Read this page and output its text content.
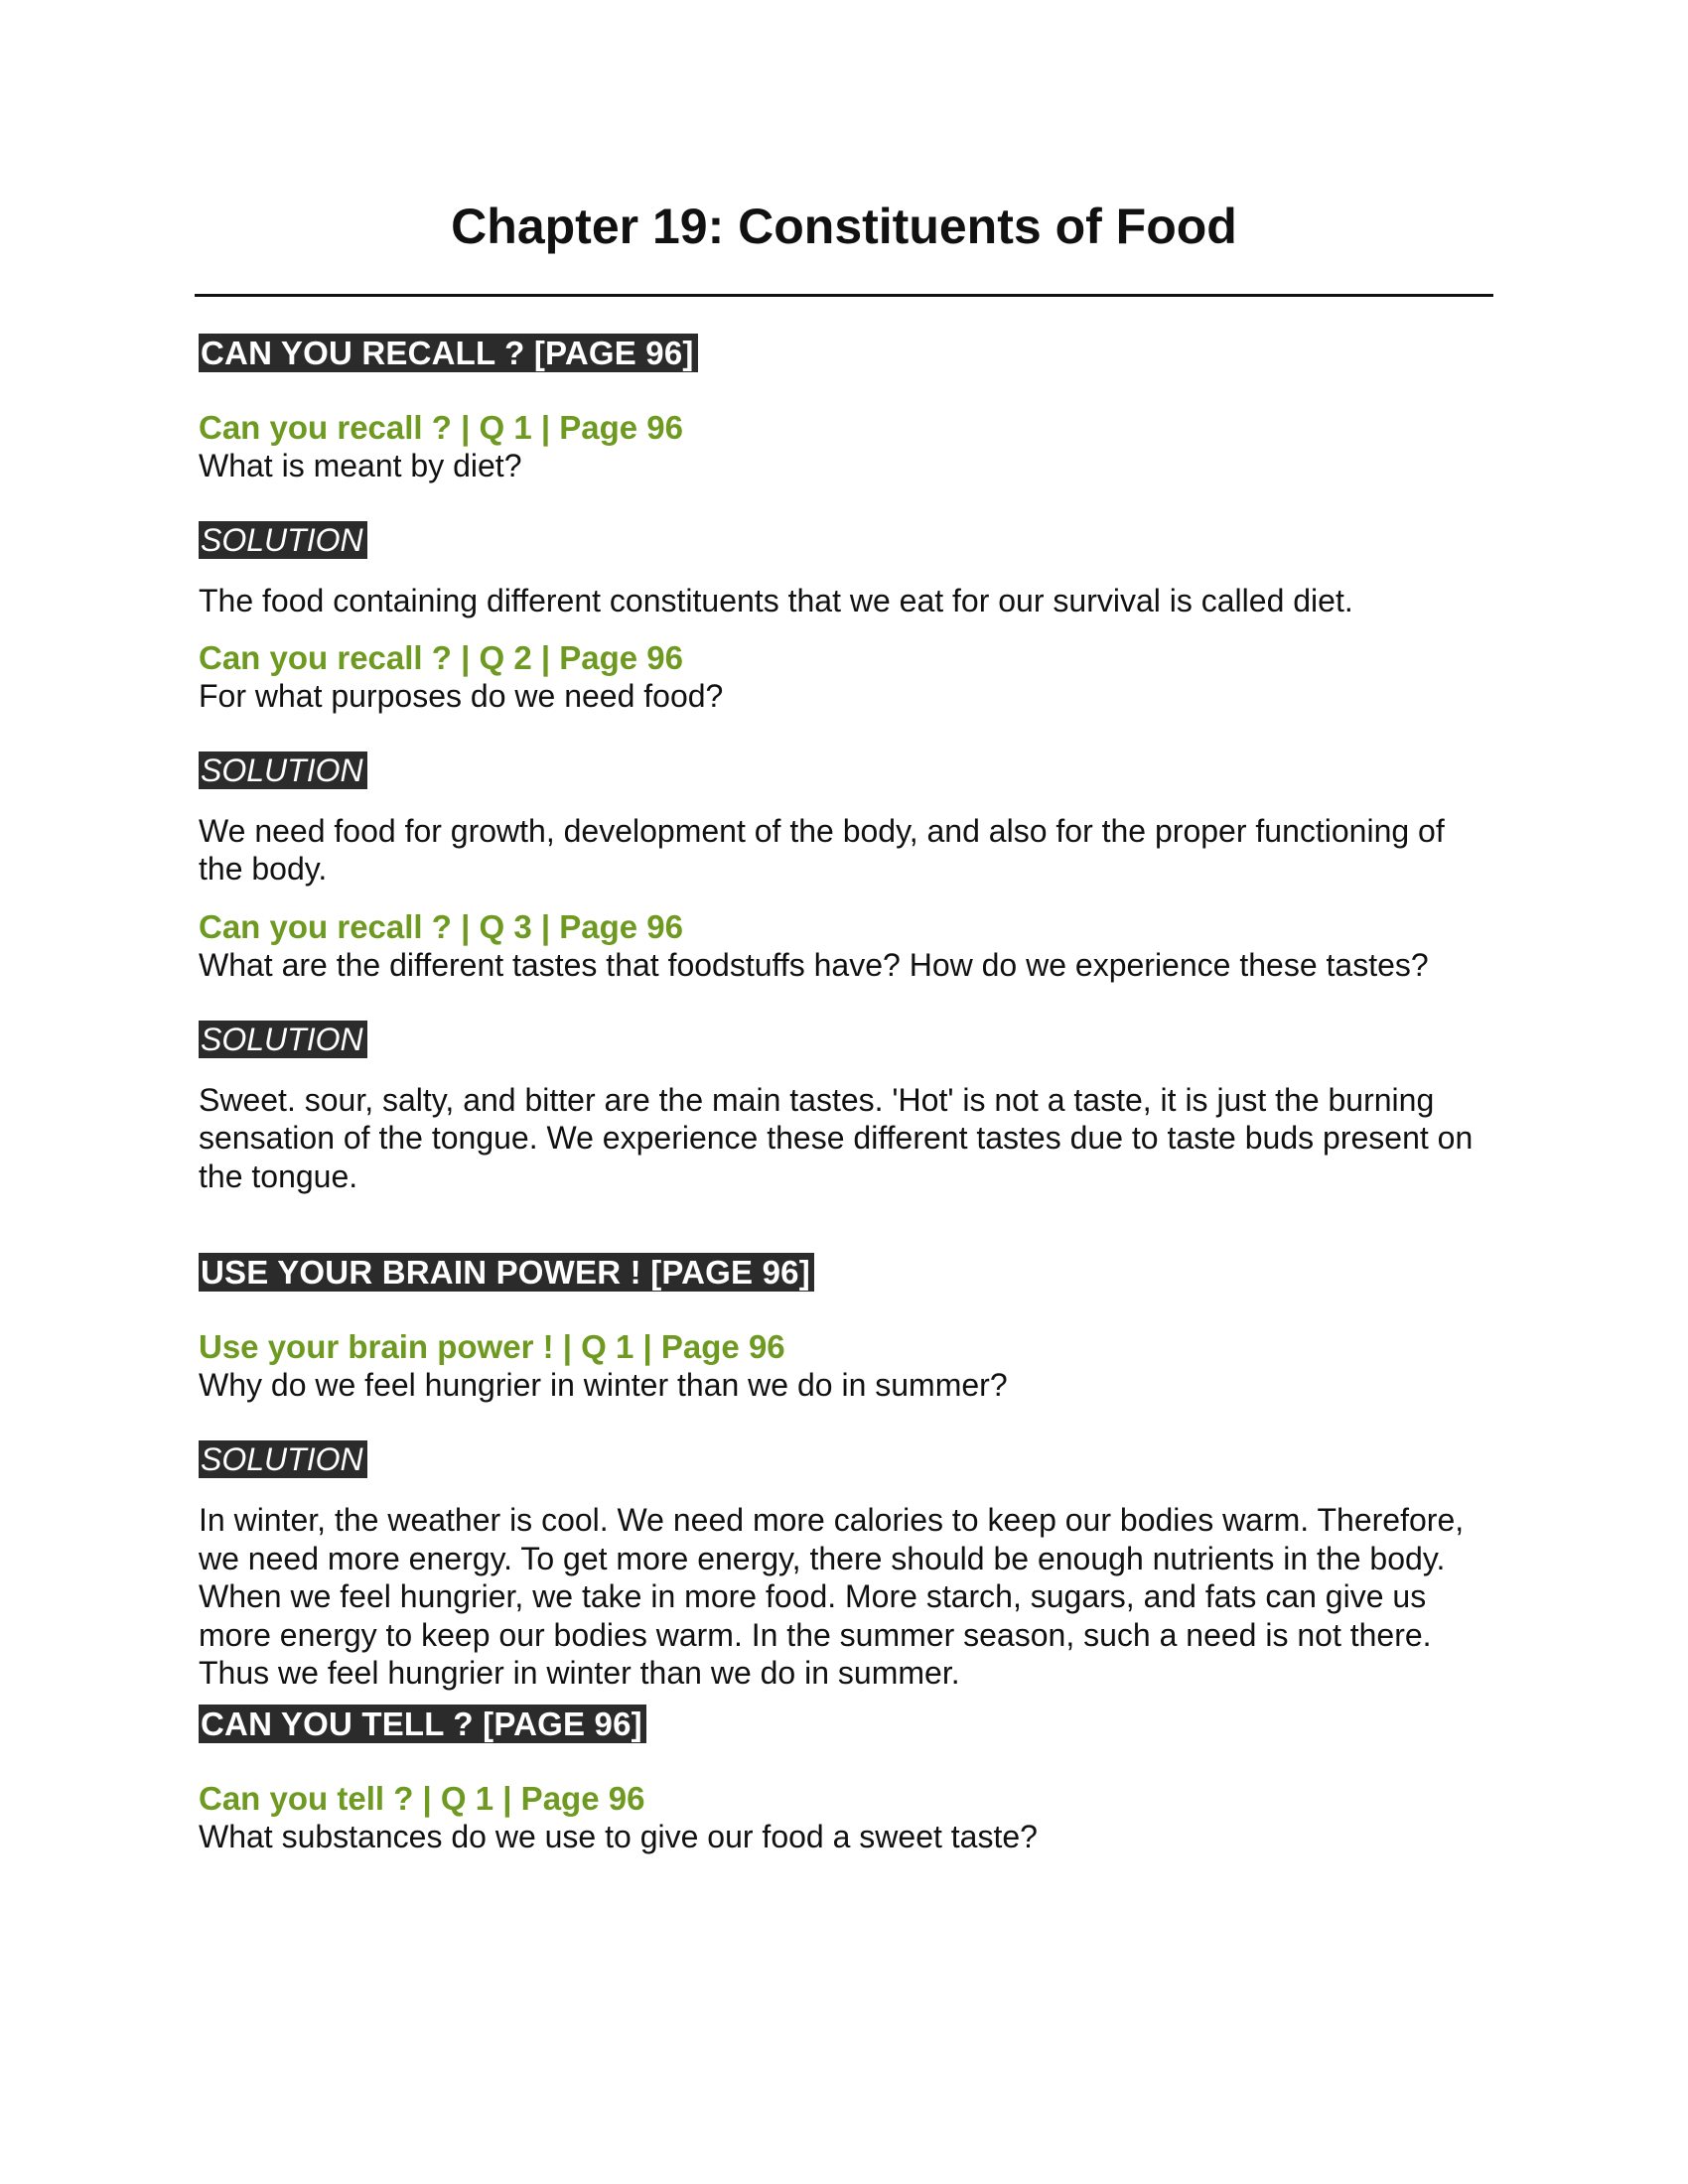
Chapter 19: Constituents of Food
CAN YOU RECALL ? [PAGE 96]
Can you recall ? | Q 1 | Page 96
What is meant by diet?
SOLUTION
The food containing different constituents that we eat for our survival is called diet.
Can you recall ? | Q 2 | Page 96
For what purposes do we need food?
SOLUTION
We need food for growth, development of the body, and also for the proper functioning of the body.
Can you recall ? | Q 3 | Page 96
What are the different tastes that foodstuffs have? How do we experience these tastes?
SOLUTION
Sweet. sour, salty, and bitter are the main tastes. 'Hot' is not a taste, it is just the burning sensation of the tongue. We experience these different tastes due to taste buds present on the tongue.
USE YOUR BRAIN POWER ! [PAGE 96]
Use your brain power ! | Q 1 | Page 96
Why do we feel hungrier in winter than we do in summer?
SOLUTION
In winter, the weather is cool. We need more calories to keep our bodies warm. Therefore, we need more energy. To get more energy, there should be enough nutrients in the body. When we feel hungrier, we take in more food. More starch, sugars, and fats can give us more energy to keep our bodies warm. In the summer season, such a need is not there. Thus we feel hungrier in winter than we do in summer.
CAN YOU TELL ? [PAGE 96]
Can you tell ? | Q 1 | Page 96
What substances do we use to give our food a sweet taste?
